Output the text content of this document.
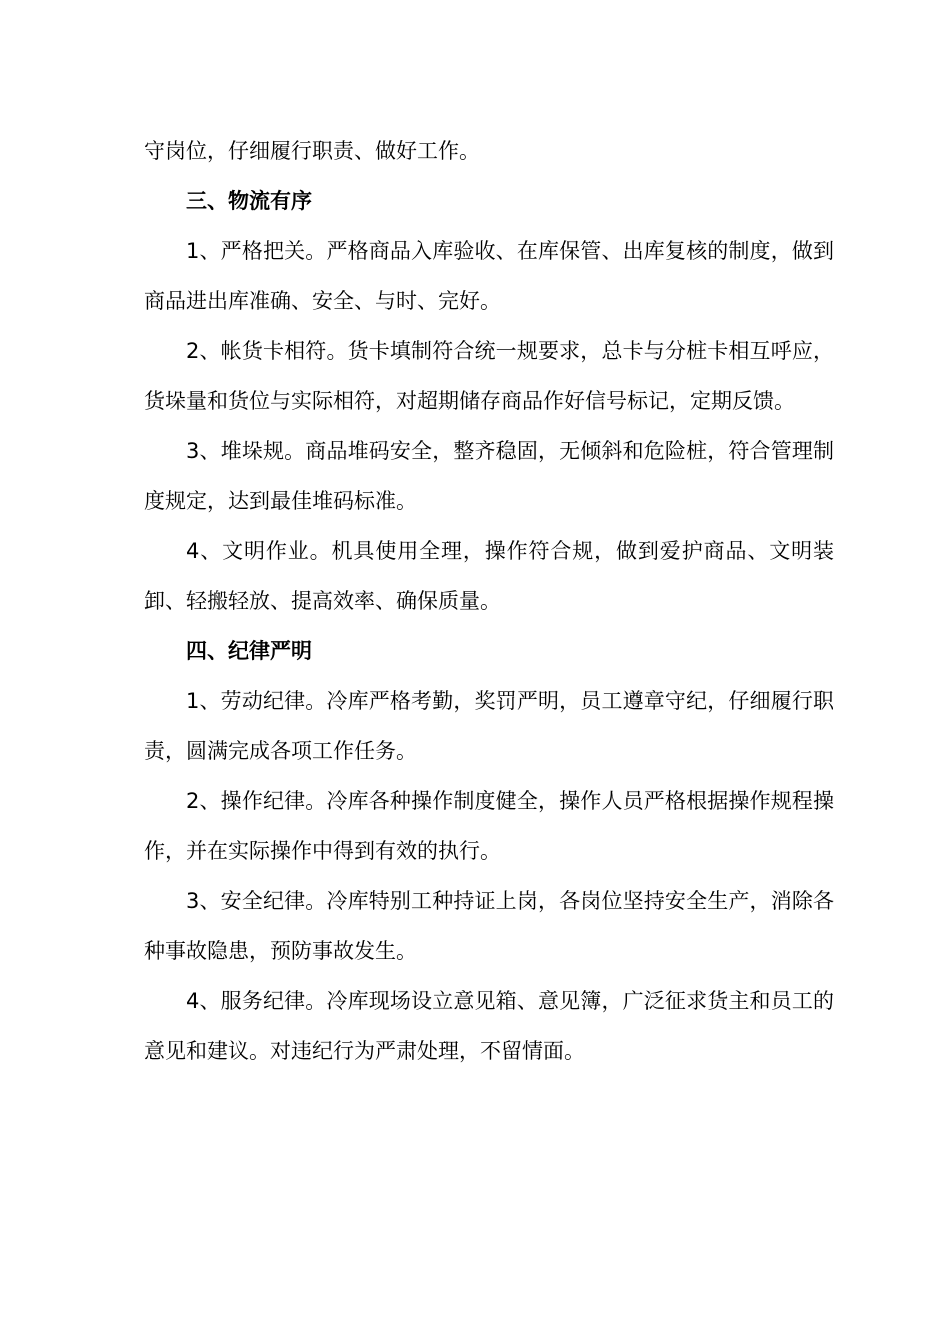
守岗位，仔细履行职责、做好工作。

三、物流有序

1、严格把关。严格商品入库验收、在库保管、出库复核的制度，做到商品进出库准确、安全、与时、完好。

2、帐货卡相符。货卡填制符合统一规要求，总卡与分桩卡相互呼应，货垛量和货位与实际相符，对超期储存商品作好信号标记，定期反馈。

3、堆垛规。商品堆码安全，整齐稳固，无倾斜和危险桩，符合管理制度规定，达到最佳堆码标准。

4、文明作业。机具使用全理，操作符合规，做到爱护商品、文明装卸、轻搬轻放、提高效率、确保质量。

四、纪律严明

1、劳动纪律。冷库严格考勤，奖罚严明，员工遵章守纪，仔细履行职责，圆满完成各项工作任务。

2、操作纪律。冷库各种操作制度健全，操作人员严格根据操作规程操作，并在实际操作中得到有效的执行。

3、安全纪律。冷库特别工种持证上岗，各岗位坚持安全生产，消除各种事故隐患，预防事故发生。

4、服务纪律。冷库现场设立意见箱、意见簿，广泛征求货主和员工的意见和建议。对违纪行为严肃处理，不留情面。
